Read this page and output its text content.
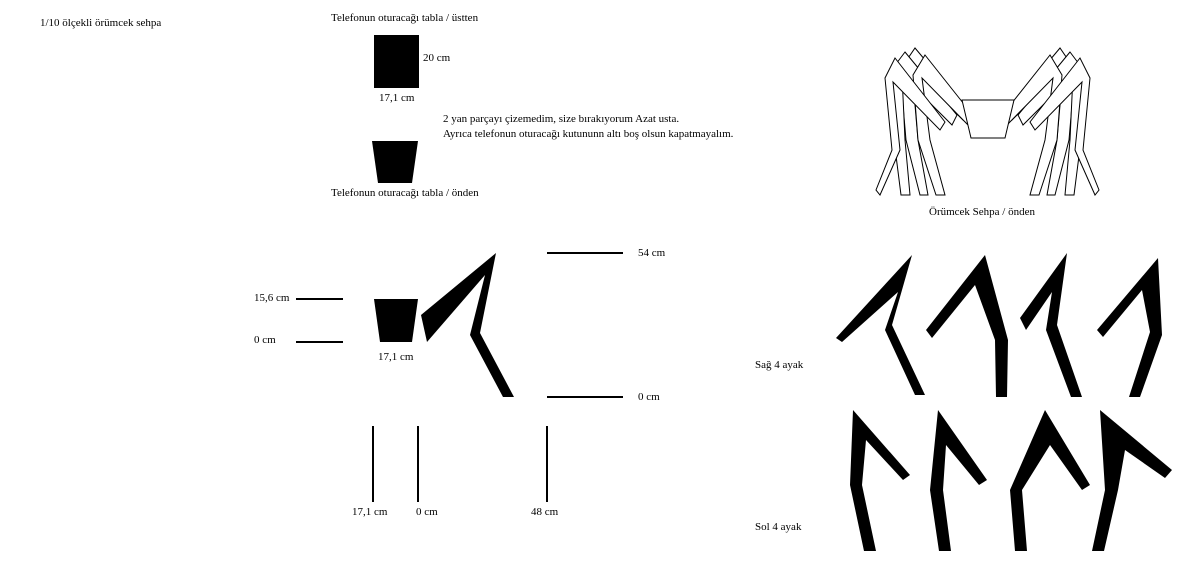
1/10 ölçekli örümcek sehpa	Telefonun oturacağı tabla / üstten
20 cm
17,1 cm
2 yan parçayı çizemedim, size bırakıyorum Azat usta.
Ayrıca telefonun oturacağı kutununn altı boş olsun kapatmayalım.
Telefonun oturacağı tabla / önden
Örümcek Sehpa / önden
15,6 cm
0 cm
17,1 cm
54 cm
0 cm
17,1 cm	0 cm	48 cm
Sağ 4 ayak
Sol 4 ayak
